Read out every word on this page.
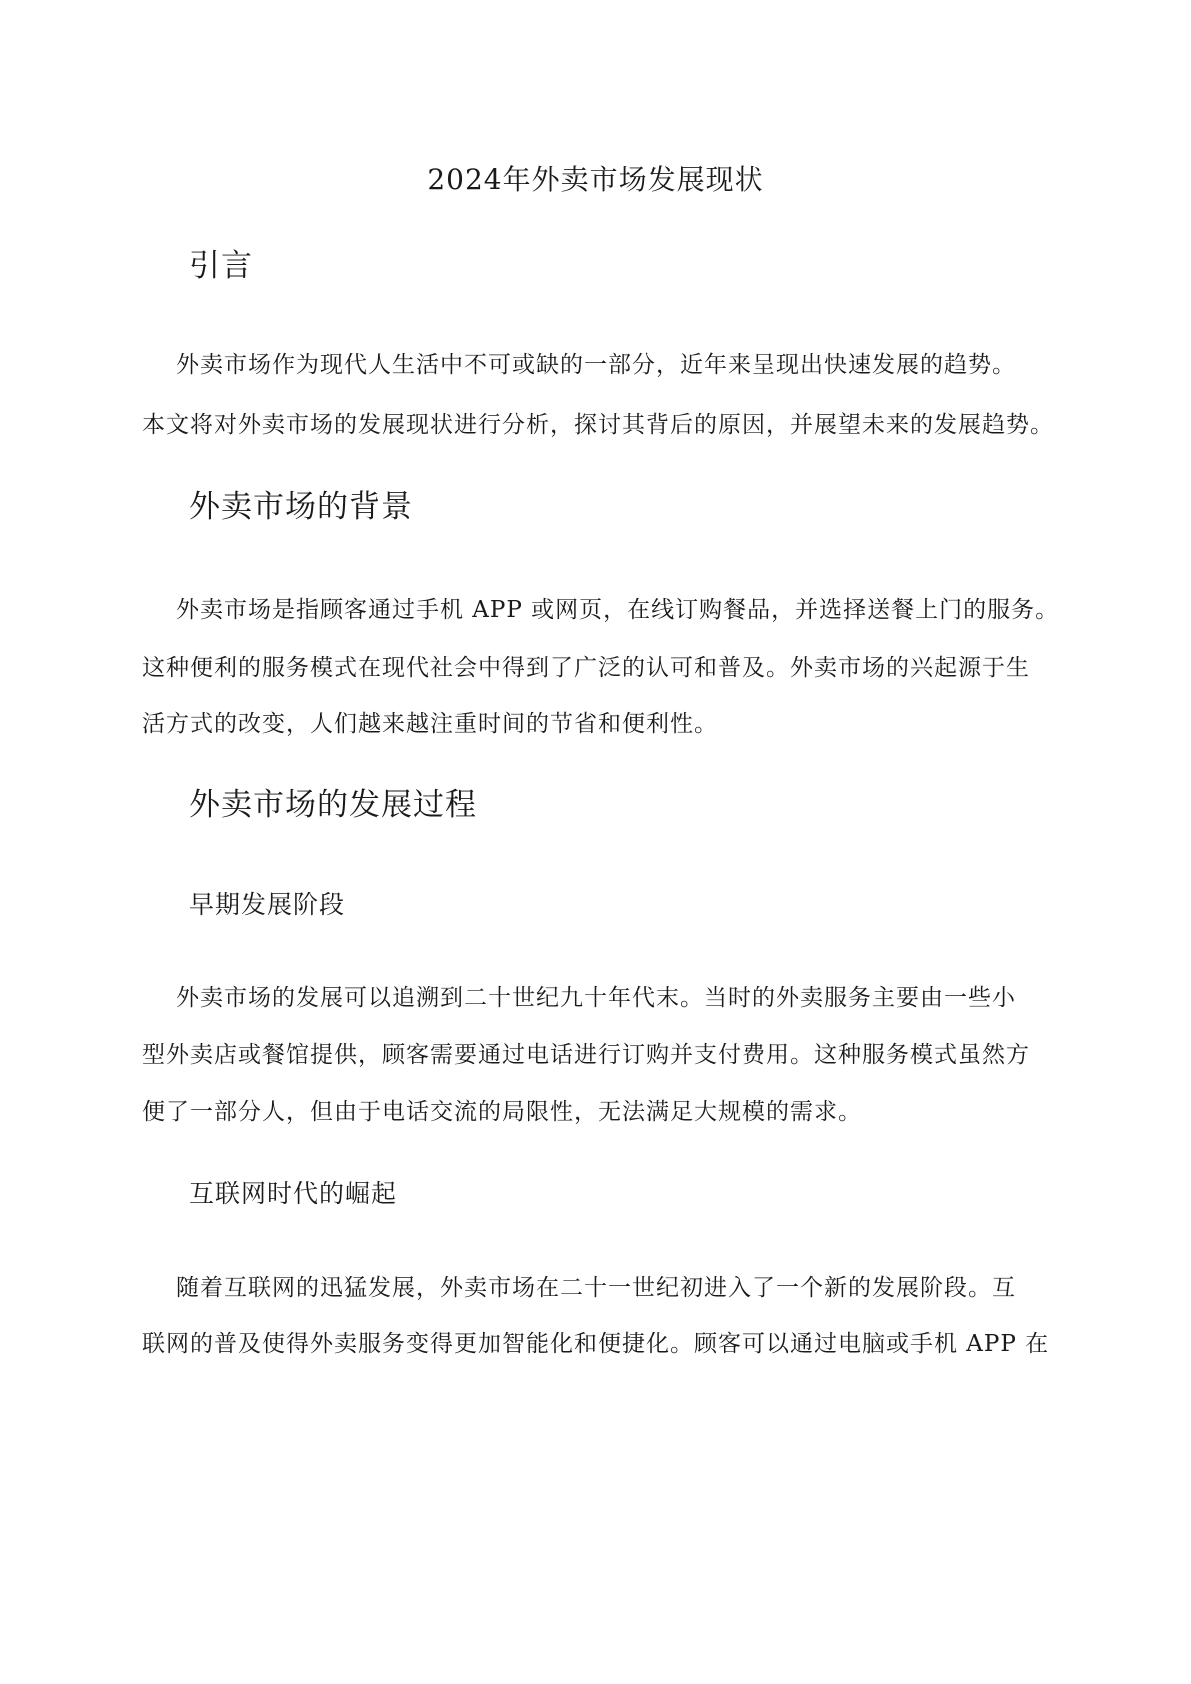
2024年外卖市场发展现状
引言
外卖市场作为现代人生活中不可或缺的一部分，近年来呈现出快速发展的趋势。
本文将对外卖市场的发展现状进行分析，探讨其背后的原因，并展望未来的发展趋势。
外卖市场的背景
外卖市场是指顾客通过手机 APP 或网页，在线订购餐品，并选择送餐上门的服务。
这种便利的服务模式在现代社会中得到了广泛的认可和普及。外卖市场的兴起源于生
活方式的改变，人们越来越注重时间的节省和便利性。
外卖市场的发展过程
早期发展阶段
外卖市场的发展可以追溯到二十世纪九十年代末。当时的外卖服务主要由一些小
型外卖店或餐馆提供，顾客需要通过电话进行订购并支付费用。这种服务模式虽然方
便了一部分人，但由于电话交流的局限性，无法满足大规模的需求。
互联网时代的崛起
随着互联网的迅猛发展，外卖市场在二十一世纪初进入了一个新的发展阶段。互
联网的普及使得外卖服务变得更加智能化和便捷化。顾客可以通过电脑或手机 APP 在
